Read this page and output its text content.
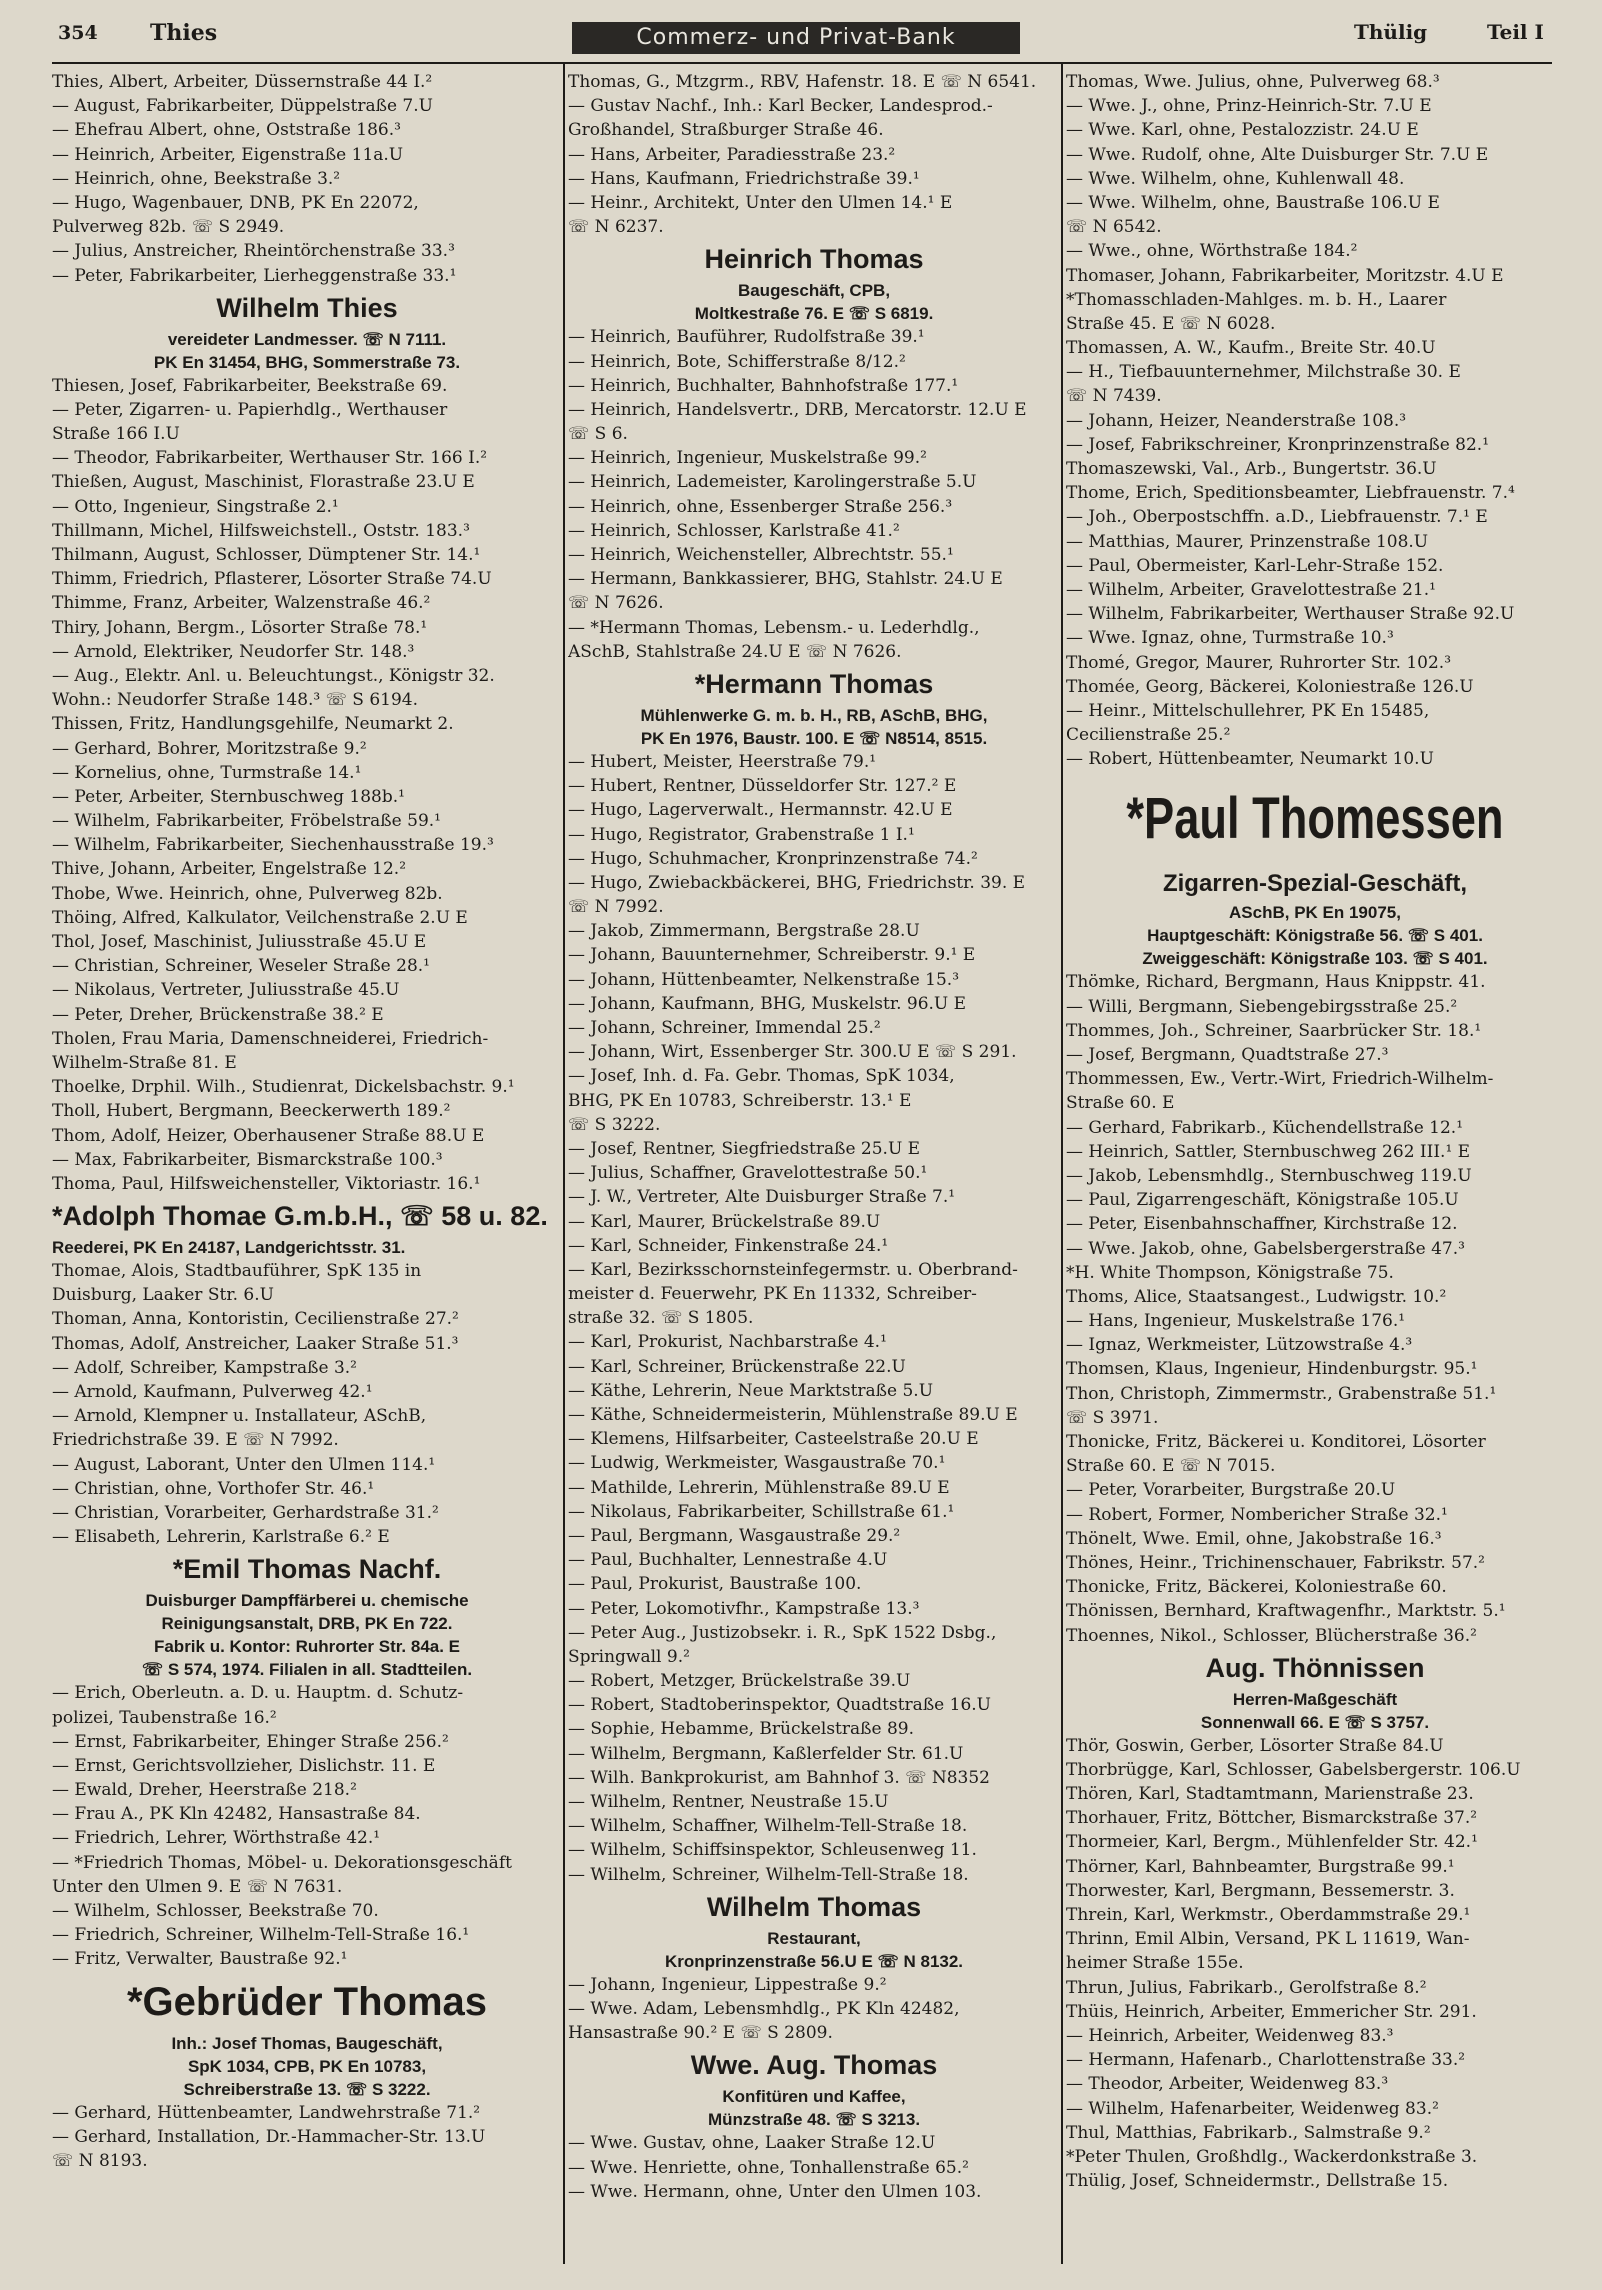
354 Thies	Commerz- und Privat-Bank	Thülig	Teil I
Thies, Albert, Arbeiter, Düssernstraße 44 I.²
— August, Fabrikarbeiter, Düppelstraße 7.U
— Ehefrau Albert, ohne, Oststraße 186.³
— Heinrich, Arbeiter, Eigenstraße 11a.U
— Heinrich, ohne, Beekstraße 3.²
— Hugo, Wagenbauer, DNB, PK En 22072,
Pulverweg 82b. ☏ S 2949.
— Julius, Anstreicher, Rheintörchenstraße 33.³
— Peter, Fabrikarbeiter, Lierheggenstraße 33.¹
Wilhelm Thies
vereideter Landmesser. ☏ N 7111.
PK En 31454, BHG, Sommerstraße 73.
Thiesen, Josef, Fabrikarbeiter, Beekstraße 69.
— Peter, Zigarren- u. Papierhdlg., Werthauser
Straße 166 I.U
— Theodor, Fabrikarbeiter, Werthauser Str. 166 I.²
Thießen, August, Maschinist, Florastraße 23.U E
— Otto, Ingenieur, Singstraße 2.¹
Thillmann, Michel, Hilfsweichstell., Oststr. 183.³
Thilmann, August, Schlosser, Dümptener Str. 14.¹
Thimm, Friedrich, Pflasterer, Lösorter Straße 74.U
Thimme, Franz, Arbeiter, Walzenstraße 46.²
Thiry, Johann, Bergm., Lösorter Straße 78.¹
— Arnold, Elektriker, Neudorfer Str. 148.³
— Aug., Elektr. Anl. u. Beleuchtungst., Königstr 32.
Wohn.: Neudorfer Straße 148.³ ☏ S 6194.
Thissen, Fritz, Handlungsgehilfe, Neumarkt 2.
— Gerhard, Bohrer, Moritzstraße 9.²
— Kornelius, ohne, Turmstraße 14.¹
— Peter, Arbeiter, Sternbuschweg 188b.¹
— Wilhelm, Fabrikarbeiter, Fröbelstraße 59.¹
— Wilhelm, Fabrikarbeiter, Siechenhausstraße 19.³
Thive, Johann, Arbeiter, Engelstraße 12.²
Thobe, Wwe. Heinrich, ohne, Pulverweg 82b.
Thöing, Alfred, Kalkulator, Veilchenstraße 2.U E
Thol, Josef, Maschinist, Juliusstraße 45.U E
— Christian, Schreiner, Weseler Straße 28.¹
— Nikolaus, Vertreter, Juliusstraße 45.U
— Peter, Dreher, Brückenstraße 38.² E
Tholen, Frau Maria, Damenschneiderei, Friedrich-
Wilhelm-Straße 81. E
Thoelke, Drphil. Wilh., Studienrat, Dickelsbachstr. 9.¹
Tholl, Hubert, Bergmann, Beeckerwerth 189.²
Thom, Adolf, Heizer, Oberhausener Straße 88.U E
— Max, Fabrikarbeiter, Bismarckstraße 100.³
Thoma, Paul, Hilfsweichensteller, Viktoriastr. 16.¹
*Adolph Thomae G.m.b.H., ☏ 58 u. 82.
Reederei, PK En 24187, Landgerichtsstr. 31.
Thomae, Alois, Stadtbauführer, SpK 135 in
Duisburg, Laaker Str. 6.U
Thoman, Anna, Kontoristin, Cecilienstraße 27.²
Thomas, Adolf, Anstreicher, Laaker Straße 51.³
— Adolf, Schreiber, Kampstraße 3.²
— Arnold, Kaufmann, Pulverweg 42.¹
— Arnold, Klempner u. Installateur, ASchB,
Friedrichstraße 39. E ☏ N 7992.
— August, Laborant, Unter den Ulmen 114.¹
— Christian, ohne, Vorthofer Str. 46.¹
— Christian, Vorarbeiter, Gerhardstraße 31.²
— Elisabeth, Lehrerin, Karlstraße 6.² E
*Emil Thomas Nachf.
Duisburger Dampffärberei u. chemische
Reinigungsanstalt, DRB, PK En 722.
Fabrik u. Kontor: Ruhrorter Str. 84a. E
☏ S 574, 1974. Filialen in all. Stadtteilen.
— Erich, Oberleutn. a. D. u. Hauptm. d. Schutz-
polizei, Taubenstraße 16.²
— Ernst, Fabrikarbeiter, Ehinger Straße 256.²
— Ernst, Gerichtsvollzieher, Dislichstr. 11. E
— Ewald, Dreher, Heerstraße 218.²
— Frau A., PK Kln 42482, Hansastraße 84.
— Friedrich, Lehrer, Wörthstraße 42.¹
— *Friedrich Thomas, Möbel- u. Dekorationsgeschäft
Unter den Ulmen 9. E ☏ N 7631.
— Wilhelm, Schlosser, Beekstraße 70.
— Friedrich, Schreiner, Wilhelm-Tell-Straße 16.¹
— Fritz, Verwalter, Baustraße 92.¹
*Gebrüder Thomas
Inh.: Josef Thomas, Baugeschäft,
SpK 1034, CPB, PK En 10783,
Schreiberstraße 13. ☏ S 3222.
— Gerhard, Hüttenbeamter, Landwehrstraße 71.²
— Gerhard, Installation, Dr.-Hammacher-Str. 13.U
☏ N 8193.
Thomas, G., Mtzgrm., RBV, Hafenstr. 18. E ☏ N 6541.
— Gustav Nachf., Inh.: Karl Becker, Landesprod.-
Großhandel, Straßburger Straße 46.
— Hans, Arbeiter, Paradiesstraße 23.²
— Hans, Kaufmann, Friedrichstraße 39.¹
— Heinr., Architekt, Unter den Ulmen 14.¹ E
☏ N 6237.
Heinrich Thomas
Baugeschäft, CPB,
Moltkestraße 76. E ☏ S 6819.
— Heinrich, Bauführer, Rudolfstraße 39.¹
— Heinrich, Bote, Schifferstraße 8/12.²
— Heinrich, Buchhalter, Bahnhofstraße 177.¹
— Heinrich, Handelsvertr., DRB, Mercatorstr. 12.U E
☏ S 6.
— Heinrich, Ingenieur, Muskelstraße 99.²
— Heinrich, Lademeister, Karolingerstraße 5.U
— Heinrich, ohne, Essenberger Straße 256.³
— Heinrich, Schlosser, Karlstraße 41.²
— Heinrich, Weichensteller, Albrechtstr. 55.¹
— Hermann, Bankkassierer, BHG, Stahlstr. 24.U E
☏ N 7626.
— *Hermann Thomas, Lebensm.- u. Lederhdlg.,
ASchB, Stahlstraße 24.U E ☏ N 7626.
*Hermann Thomas
Mühlenwerke G. m. b. H., RB, ASchB, BHG,
PK En 1976, Baustr. 100. E ☏ N8514, 8515.
— Hubert, Meister, Heerstraße 79.¹
— Hubert, Rentner, Düsseldorfer Str. 127.² E
— Hugo, Lagerverwalt., Hermannstr. 42.U E
— Hugo, Registrator, Grabenstraße 1 I.¹
— Hugo, Schuhmacher, Kronprinzenstraße 74.²
— Hugo, Zwiebackbäckerei, BHG, Friedrichstr. 39. E
☏ N 7992.
— Jakob, Zimmermann, Bergstraße 28.U
— Johann, Bauunternehmer, Schreiberstr. 9.¹ E
— Johann, Hüttenbeamter, Nelkenstraße 15.³
— Johann, Kaufmann, BHG, Muskelstr. 96.U E
— Johann, Schreiner, Immendal 25.²
— Johann, Wirt, Essenberger Str. 300.U E ☏ S 291.
— Josef, Inh. d. Fa. Gebr. Thomas, SpK 1034,
BHG, PK En 10783, Schreiberstr. 13.¹ E
☏ S 3222.
— Josef, Rentner, Siegfriedstraße 25.U E
— Julius, Schaffner, Gravelottestraße 50.¹
— J. W., Vertreter, Alte Duisburger Straße 7.¹
— Karl, Maurer, Brückelstraße 89.U
— Karl, Schneider, Finkenstraße 24.¹
— Karl, Bezirksschornsteinfegermstr. u. Oberbrand-
meister d. Feuerwehr, PK En 11332, Schreiber-
straße 32. ☏ S 1805.
— Karl, Prokurist, Nachbarstraße 4.¹
— Karl, Schreiner, Brückenstraße 22.U
— Käthe, Lehrerin, Neue Marktstraße 5.U
— Käthe, Schneidermeisterin, Mühlenstraße 89.U E
— Klemens, Hilfsarbeiter, Casteelstraße 20.U E
— Ludwig, Werkmeister, Wasgaustraße 70.¹
— Mathilde, Lehrerin, Mühlenstraße 89.U E
— Nikolaus, Fabrikarbeiter, Schillstraße 61.¹
— Paul, Bergmann, Wasgaustraße 29.²
— Paul, Buchhalter, Lennestraße 4.U
— Paul, Prokurist, Baustraße 100.
— Peter, Lokomotivfhr., Kampstraße 13.³
— Peter Aug., Justizobsekr. i. R., SpK 1522 Dsbg.,
Springwall 9.²
— Robert, Metzger, Brückelstraße 39.U
— Robert, Stadtoberinspektor, Quadtstraße 16.U
— Sophie, Hebamme, Brückelstraße 89.
— Wilhelm, Bergmann, Kaßlerfelder Str. 61.U
— Wilh. Bankprokurist, am Bahnhof 3. ☏ N8352
— Wilhelm, Rentner, Neustraße 15.U
— Wilhelm, Schaffner, Wilhelm-Tell-Straße 18.
— Wilhelm, Schiffsinspektor, Schleusenweg 11.
— Wilhelm, Schreiner, Wilhelm-Tell-Straße 18.
Wilhelm Thomas
Restaurant,
Kronprinzenstraße 56.U E ☏ N 8132.
— Johann, Ingenieur, Lippestraße 9.²
— Wwe. Adam, Lebensmhdlg., PK Kln 42482,
Hansastraße 90.² E ☏ S 2809.
Wwe. Aug. Thomas
Konfitüren und Kaffee,
Münzstraße 48. ☏ S 3213.
— Wwe. Gustav, ohne, Laaker Straße 12.U
— Wwe. Henriette, ohne, Tonhallenstraße 65.²
— Wwe. Hermann, ohne, Unter den Ulmen 103.
Thomas, Wwe. Julius, ohne, Pulverweg 68.³
— Wwe. J., ohne, Prinz-Heinrich-Str. 7.U E
— Wwe. Karl, ohne, Pestalozzistr. 24.U E
— Wwe. Rudolf, ohne, Alte Duisburger Str. 7.U E
— Wwe. Wilhelm, ohne, Kuhlenwall 48.
— Wwe. Wilhelm, ohne, Baustraße 106.U E
☏ N 6542.
— Wwe., ohne, Wörthstraße 184.²
Thomaser, Johann, Fabrikarbeiter, Moritzstr. 4.U E
*Thomasschladen-Mahlges. m. b. H., Laarer
Straße 45. E ☏ N 6028.
Thomassen, A. W., Kaufm., Breite Str. 40.U
— H., Tiefbauunternehmer, Milchstraße 30. E
☏ N 7439.
— Johann, Heizer, Neanderstraße 108.³
— Josef, Fabrikschreiner, Kronprinzenstraße 82.¹
Thomaszewski, Val., Arb., Bungertstr. 36.U
Thome, Erich, Speditionsbeamter, Liebfrauenstr. 7.⁴
— Joh., Oberpostschffn. a.D., Liebfrauenstr. 7.¹ E
— Matthias, Maurer, Prinzenstraße 108.U
— Paul, Obermeister, Karl-Lehr-Straße 152.
— Wilhelm, Arbeiter, Gravelottestraße 21.¹
— Wilhelm, Fabrikarbeiter, Werthauser Straße 92.U
— Wwe. Ignaz, ohne, Turmstraße 10.³
Thomé, Gregor, Maurer, Ruhrorter Str. 102.³
Thomée, Georg, Bäckerei, Koloniestraße 126.U
— Heinr., Mittelschullehrer, PK En 15485,
Cecilienstraße 25.²
— Robert, Hüttenbeamter, Neumarkt 10.U
*Paul Thomessen
Zigarren-Spezial-Geschäft,
ASchB, PK En 19075,
Hauptgeschäft: Königstraße 56. ☏ S 401.
Zweiggeschäft: Königstraße 103. ☏ S 401.
Thömke, Richard, Bergmann, Haus Knippstr. 41.
— Willi, Bergmann, Siebengebirgsstraße 25.²
Thommes, Joh., Schreiner, Saarbrücker Str. 18.¹
— Josef, Bergmann, Quadtstraße 27.³
Thommessen, Ew., Vertr.-Wirt, Friedrich-Wilhelm-
Straße 60. E
— Gerhard, Fabrikarb., Küchendellstraße 12.¹
— Heinrich, Sattler, Sternbuschweg 262 III.¹ E
— Jakob, Lebensmhdlg., Sternbuschweg 119.U
— Paul, Zigarrengeschäft, Königstraße 105.U
— Peter, Eisenbahnschaffner, Kirchstraße 12.
— Wwe. Jakob, ohne, Gabelsbergerstraße 47.³
*H. White Thompson, Königstraße 75.
Thoms, Alice, Staatsangest., Ludwigstr. 10.²
— Hans, Ingenieur, Muskelstraße 176.¹
— Ignaz, Werkmeister, Lützowstraße 4.³
Thomsen, Klaus, Ingenieur, Hindenburgstr. 95.¹
Thon, Christoph, Zimmermstr., Grabenstraße 51.¹
☏ S 3971.
Thonicke, Fritz, Bäckerei u. Konditorei, Lösorter
Straße 60. E ☏ N 7015.
— Peter, Vorarbeiter, Burgstraße 20.U
— Robert, Former, Nombericher Straße 32.¹
Thönelt, Wwe. Emil, ohne, Jakobstraße 16.³
Thönes, Heinr., Trichinenschauer, Fabrikstr. 57.²
Thonicke, Fritz, Bäckerei, Koloniestraße 60.
Thönissen, Bernhard, Kraftwagenfhr., Marktstr. 5.¹
Thoennes, Nikol., Schlosser, Blücherstraße 36.²
Aug. Thönnissen
Herren-Maßgeschäft
Sonnenwall 66. E ☏ S 3757.
Thör, Goswin, Gerber, Lösorter Straße 84.U
Thorbrügge, Karl, Schlosser, Gabelsbergerstr. 106.U
Thören, Karl, Stadtamtmann, Marienstraße 23.
Thorhauer, Fritz, Böttcher, Bismarckstraße 37.²
Thormeier, Karl, Bergm., Mühlenfelder Str. 42.¹
Thörner, Karl, Bahnbeamter, Burgstraße 99.¹
Thorwester, Karl, Bergmann, Bessemerstr. 3.
Threin, Karl, Werkmstr., Oberdammstraße 29.¹
Thrinn, Emil Albin, Versand, PK L 11619, Wan-
heimer Straße 155e.
Thrun, Julius, Fabrikarb., Gerolfstraße 8.²
Thüis, Heinrich, Arbeiter, Emmericher Str. 291.
— Heinrich, Arbeiter, Weidenweg 83.³
— Hermann, Hafenarb., Charlottenstraße 33.²
— Theodor, Arbeiter, Weidenweg 83.³
— Wilhelm, Hafenarbeiter, Weidenweg 83.²
Thul, Matthias, Fabrikarb., Salmstraße 9.²
*Peter Thulen, Großhdlg., Wackerdonkstraße 3.
Thülig, Josef, Schneidermstr., Dellstraße 15.
